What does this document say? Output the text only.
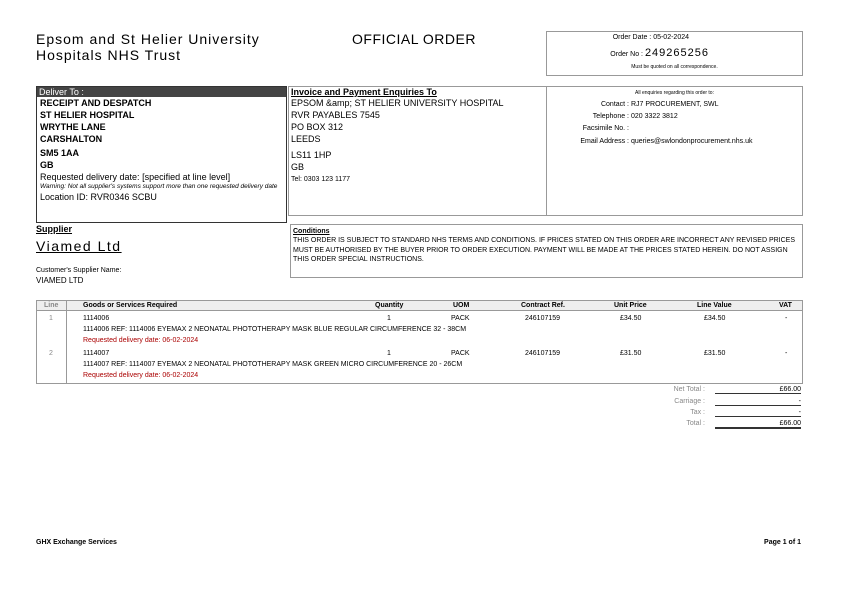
Epsom and St Helier University
Hospitals NHS Trust
OFFICIAL ORDER	Order Date : 05-02-2024
Order No : 249265256
Must be quoted on all correspondence.
Deliver To :
RECEIPT AND DESPATCH
ST HELIER HOSPITAL
WRYTHE LANE
CARSHALTON
SM5 1AA
GB
Requested delivery date: [specified at line level]
Warning: Not all supplier's systems support more than one requested delivery date
Location ID: RVR0346 SCBU
Invoice and Payment Enquiries To
EPSOM &amp; ST HELIER UNIVERSITY HOSPITAL
RVR PAYABLES 7545
PO BOX 312
LEEDS
LS11 1HP
GB
Tel: 0303 123 1177
All enquiries regarding this order to:
Contact : RJ7 PROCUREMENT, SWL
Telephone : 020 3322 3812
Facsimile No. :
Email Address : queries@swlondonprocurement.nhs.uk
Supplier
Viamed Ltd
Customer's Supplier Name:
VIAMED LTD
Conditions
THIS ORDER IS SUBJECT TO STANDARD NHS TERMS AND CONDITIONS. IF PRICES STATED ON THIS ORDER ARE INCORRECT ANY REVISED PRICES MUST BE AUTHORISED BY THE BUYER PRIOR TO ORDER EXECUTION. PAYMENT WILL BE MADE AT THE PRICES STATED HEREIN. DO NOT ASSIGN THIS ORDER SPECIAL INSTRUCTIONS.
Line	Goods or Services Required	Quantity	UOM	Contract Ref.	Unit Price	Line Value	VAT
1	1114006	1	PACK	246107159	£34.50	£34.50	-
1114006 REF: 1114006 EYEMAX 2 NEONATAL PHOTOTHERAPY MASK BLUE REGULAR CIRCUMFERENCE 32 - 38CM
Requested delivery date: 06-02-2024
2	1114007	1	PACK	246107159	£31.50	£31.50	-
1114007 REF: 1114007 EYEMAX 2 NEONATAL PHOTOTHERAPY MASK GREEN MICRO CIRCUMFERENCE 20 - 26CM
Requested delivery date: 06-02-2024
Net Total :	£66.00
Carriage :	-
Tax :	-
Total :	£66.00
GHX Exchange Services	Page 1 of 1
